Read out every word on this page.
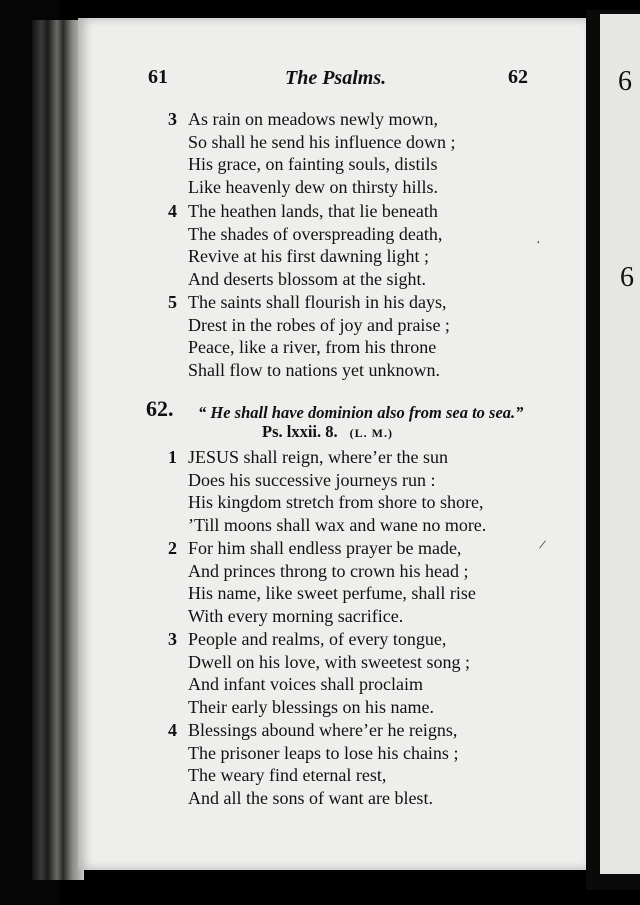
6
6
61	The Psalms.	62
3 As rain on meadows newly mown,
So shall he send his influence down ;
His grace, on fainting souls, distils
Like heavenly dew on thirsty hills.
4 The heathen lands, that lie beneath
The shades of overspreading death,
Revive at his first dawning light ;
And deserts blossom at the sight.
5 The saints shall flourish in his days,
Drest in the robes of joy and praise ;
Peace, like a river, from his throne
Shall flow to nations yet unknown.
62. “ He shall have dominion also from sea to sea.”
Ps. lxxii. 8. (L. M.)
1 JESUS shall reign, where’er the sun
Does his successive journeys run :
His kingdom stretch from shore to shore,
’Till moons shall wax and wane no more.
2 For him shall endless prayer be made,
And princes throng to crown his head ;
His name, like sweet perfume, shall rise
With every morning sacrifice.
3 People and realms, of every tongue,
Dwell on his love, with sweetest song ;
And infant voices shall proclaim
Their early blessings on his name.
4 Blessings abound where’er he reigns,
The prisoner leaps to lose his chains ;
The weary find eternal rest,
And all the sons of want are blest.
·
/
